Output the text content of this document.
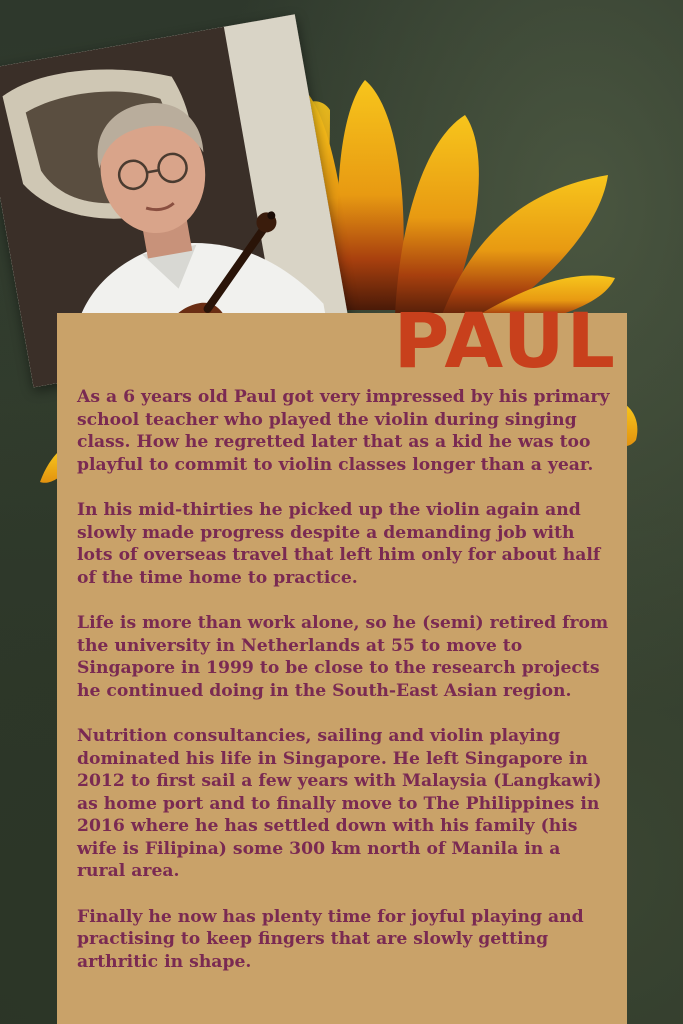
PAUL

As a 6 years old Paul got very impressed by his primary school teacher who played the violin during singing class. How he regretted later that as a kid he was too playful to commit to violin classes longer than a year.

In his mid-thirties he picked up the violin again and slowly made progress despite a demanding job with lots of overseas travel that left him only for about half of the time home to practice.

Life is more than work alone, so he (semi) retired from the university in Netherlands at 55 to move to Singapore in 1999 to be close to the research projects he continued doing in the South-East Asian region.

Nutrition consultancies, sailing and violin playing dominated his life in Singapore. He left Singapore in 2012 to first sail a few years with Malaysia (Langkawi) as home port and to finally move to The Philippines in 2016 where he has settled down with his family (his wife is Filipina) some 300 km north of Manila in a rural area.

Finally he now has plenty time for joyful playing and practising to keep fingers that are slowly getting arthritic in shape.
